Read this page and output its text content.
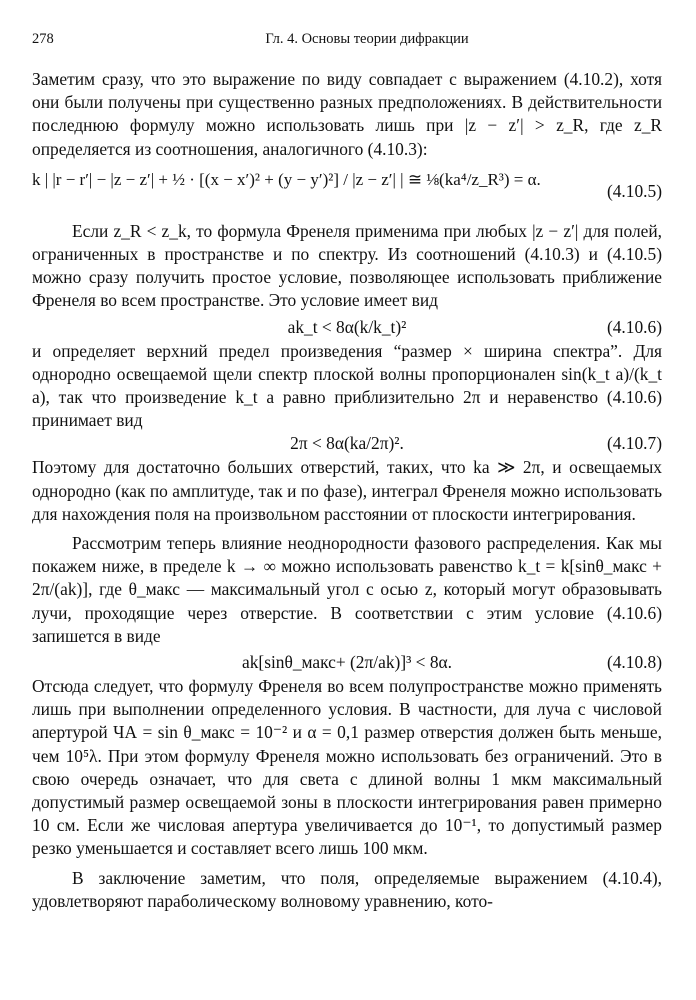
278	Гл. 4. Основы теории дифракции

Заметим сразу, что это выражение по виду совпадает с выражением (4.10.2), хотя они были получены при существенно разных предположениях. В действительности последнюю формулу можно использовать лишь при |z − z′| > z_R, где z_R определяется из соотношения, аналогичного (4.10.3):

k | |r − r′| − |z − z′| + ½ · [(x − x′)² + (y − y′)²] / |z − z′| | ≅ ⅛(ka⁴/z_R³) = α.
(4.10.5)

Если z_R < z_k, то формула Френеля применима при любых |z − z′| для полей, ограниченных в пространстве и по спектру. Из соотношений (4.10.3) и (4.10.5) можно сразу получить простое условие, позволяющее использовать приближение Френеля во всем пространстве. Это условие имеет вид

ak_t < 8α(k/k_t)²	(4.10.6)

и определяет верхний предел произведения “размер × ширина спектра”. Для однородно освещаемой щели спектр плоской волны пропорционален sin(k_t a)/(k_t a), так что произведение k_t a равно приблизительно 2π и неравенство (4.10.6) принимает вид

2π < 8α(ka/2π)².	(4.10.7)

Поэтому для достаточно больших отверстий, таких, что ka ≫ 2π, и освещаемых однородно (как по амплитуде, так и по фазе), интеграл Френеля можно использовать для нахождения поля на произвольном расстоянии от плоскости интегрирования.

Рассмотрим теперь влияние неоднородности фазового распределения. Как мы покажем ниже, в пределе k → ∞ можно использовать равенство k_t = k[sinθ_макс + 2π/(ak)], где θ_макс — максимальный угол с осью z, который могут образовывать лучи, проходящие через отверстие. В соответствии с этим условие (4.10.6) запишется в виде

ak[sinθ_макс+ (2π/ak)]³ < 8α.	(4.10.8)

Отсюда следует, что формулу Френеля во всем полупространстве можно применять лишь при выполнении определенного условия. В частности, для луча с числовой апертурой ЧА = sin θ_макс = 10⁻² и α = 0,1 размер отверстия должен быть меньше, чем 10⁵λ. При этом формулу Френеля можно использовать без ограничений. Это в свою очередь означает, что для света с длиной волны 1 мкм максимальный допустимый размер освещаемой зоны в плоскости интегрирования равен примерно 10 см. Если же числовая апертура увеличивается до 10⁻¹, то допустимый размер резко уменьшается и составляет всего лишь 100 мкм.

В заключение заметим, что поля, определяемые выражением (4.10.4), удовлетворяют параболическому волновому уравнению, кото-
